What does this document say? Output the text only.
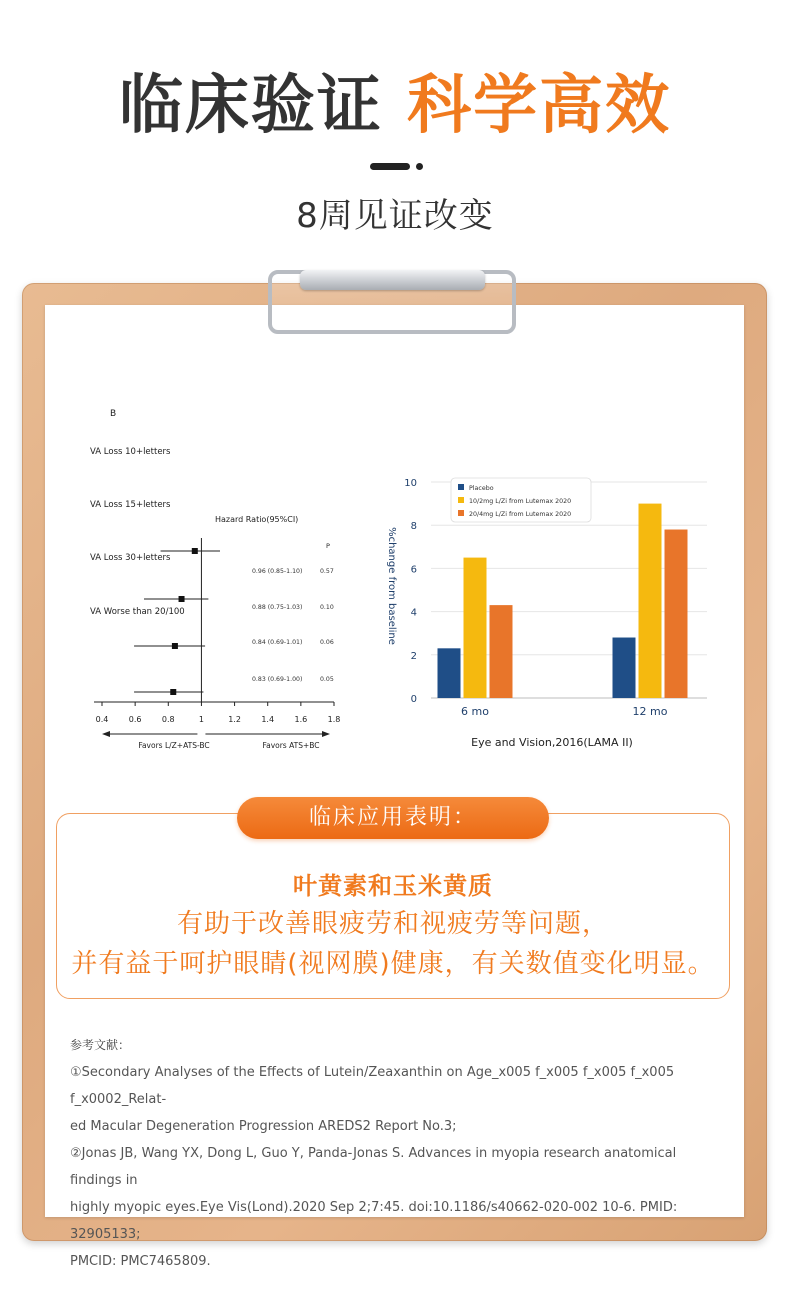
临床验证 科学高效
8周见证改变
B
VA Loss 10+letters
VA Loss 15+letters
VA Loss 30+letters
VA Worse than 20/100
Hazard Ratio(95%CI)
P
0.96 (0.85-1.10)	0.57
0.88 (0.75-1.03)	0.10
0.84 (0.69-1.01)	0.06
0.83 (0.69-1.00)	0.05
0.4	0.6	0.8	1	1.2	1.4	1.6	1.8
Favors L/Z+ATS-BC	Favors ATS+BC
0
2
4
6
8
10
%change from baseline
6 mo	12 mo
Placebo
10/2mg L/Zi from Lutemax 2020
20/4mg L/Zi from Lutemax 2020
Eye and Vision,2016(LAMA II)
临床应用表明：
叶黄素和玉米黄质
有助于改善眼疲劳和视疲劳等问题，
并有益于呵护眼睛(视网膜)健康，有关数值变化明显。
参考文献：
①Secondary Analyses of the Effects of Lutein/Zeaxanthin on Age_x005 f_x005 f_x005 f_x005 f_x0002_Relat-
ed Macular Degeneration Progression AREDS2 Report No.3;
②Jonas JB, Wang YX, Dong L, Guo Y, Panda-Jonas S. Advances in myopia research anatomical findings in
highly myopic eyes.Eye Vis(Lond).2020 Sep 2;7:45. doi:10.1186/s40662-020-002 10-6. PMID: 32905133;
PMCID: PMC7465809.
